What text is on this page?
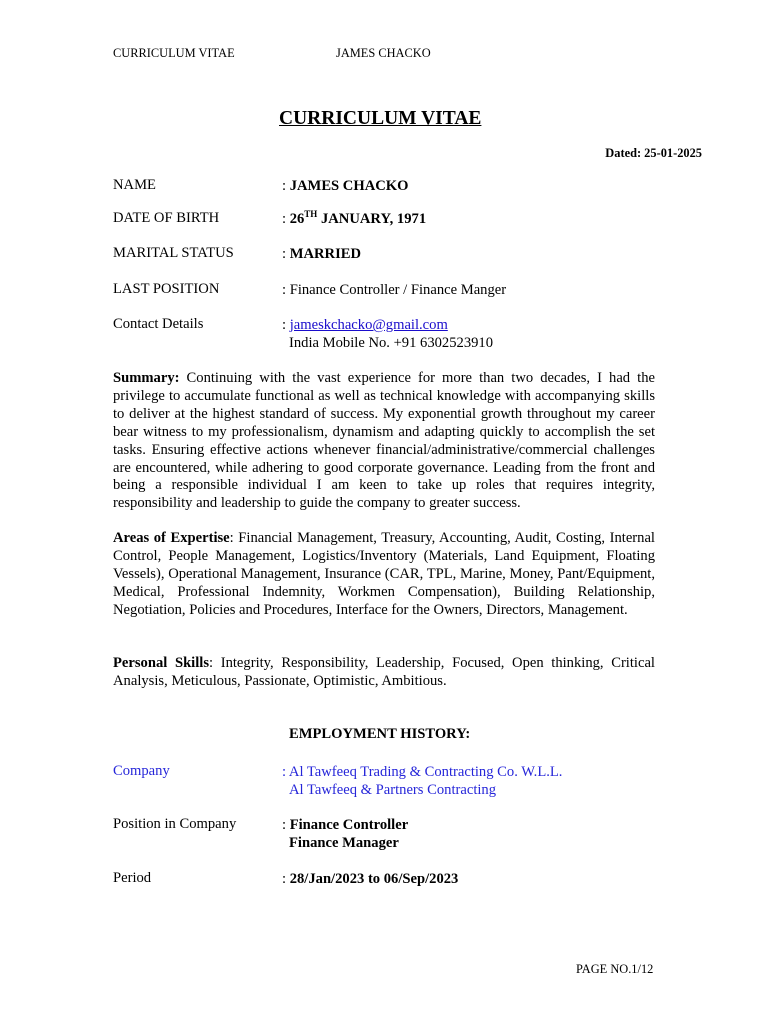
CURRICULUM VITAE	JAMES CHACKO
CURRICULUM VITAE
Dated: 25-01-2025
NAME	: JAMES CHACKO
DATE OF BIRTH	: 26TH JANUARY, 1971
MARITAL STATUS	: MARRIED
LAST POSITION	: Finance Controller / Finance Manger
Contact Details	: jameskchacko@gmail.com
India Mobile No. +91 6302523910
Summary: Continuing with the vast experience for more than two decades, I had the privilege to accumulate functional as well as technical knowledge with accompanying skills to deliver at the highest standard of success. My exponential growth throughout my career bear witness to my professionalism, dynamism and adapting quickly to accomplish the set tasks. Ensuring effective actions whenever financial/administrative/commercial challenges are encountered, while adhering to good corporate governance. Leading from the front and being a responsible individual I am keen to take up roles that requires integrity, responsibility and leadership to guide the company to greater success.
Areas of Expertise: Financial Management, Treasury, Accounting, Audit, Costing, Internal Control, People Management, Logistics/Inventory (Materials, Land Equipment, Floating Vessels), Operational Management, Insurance (CAR, TPL, Marine, Money, Pant/Equipment, Medical, Professional Indemnity, Workmen Compensation), Building Relationship, Negotiation, Policies and Procedures, Interface for the Owners, Directors, Management.
Personal Skills: Integrity, Responsibility, Leadership, Focused, Open thinking, Critical Analysis, Meticulous, Passionate, Optimistic, Ambitious.
EMPLOYMENT HISTORY:
Company	: Al Tawfeeq Trading & Contracting Co. W.L.L.
Al Tawfeeq & Partners Contracting
Position in Company	: Finance Controller
Finance Manager
Period	: 28/Jan/2023 to 06/Sep/2023
PAGE NO.1/12
